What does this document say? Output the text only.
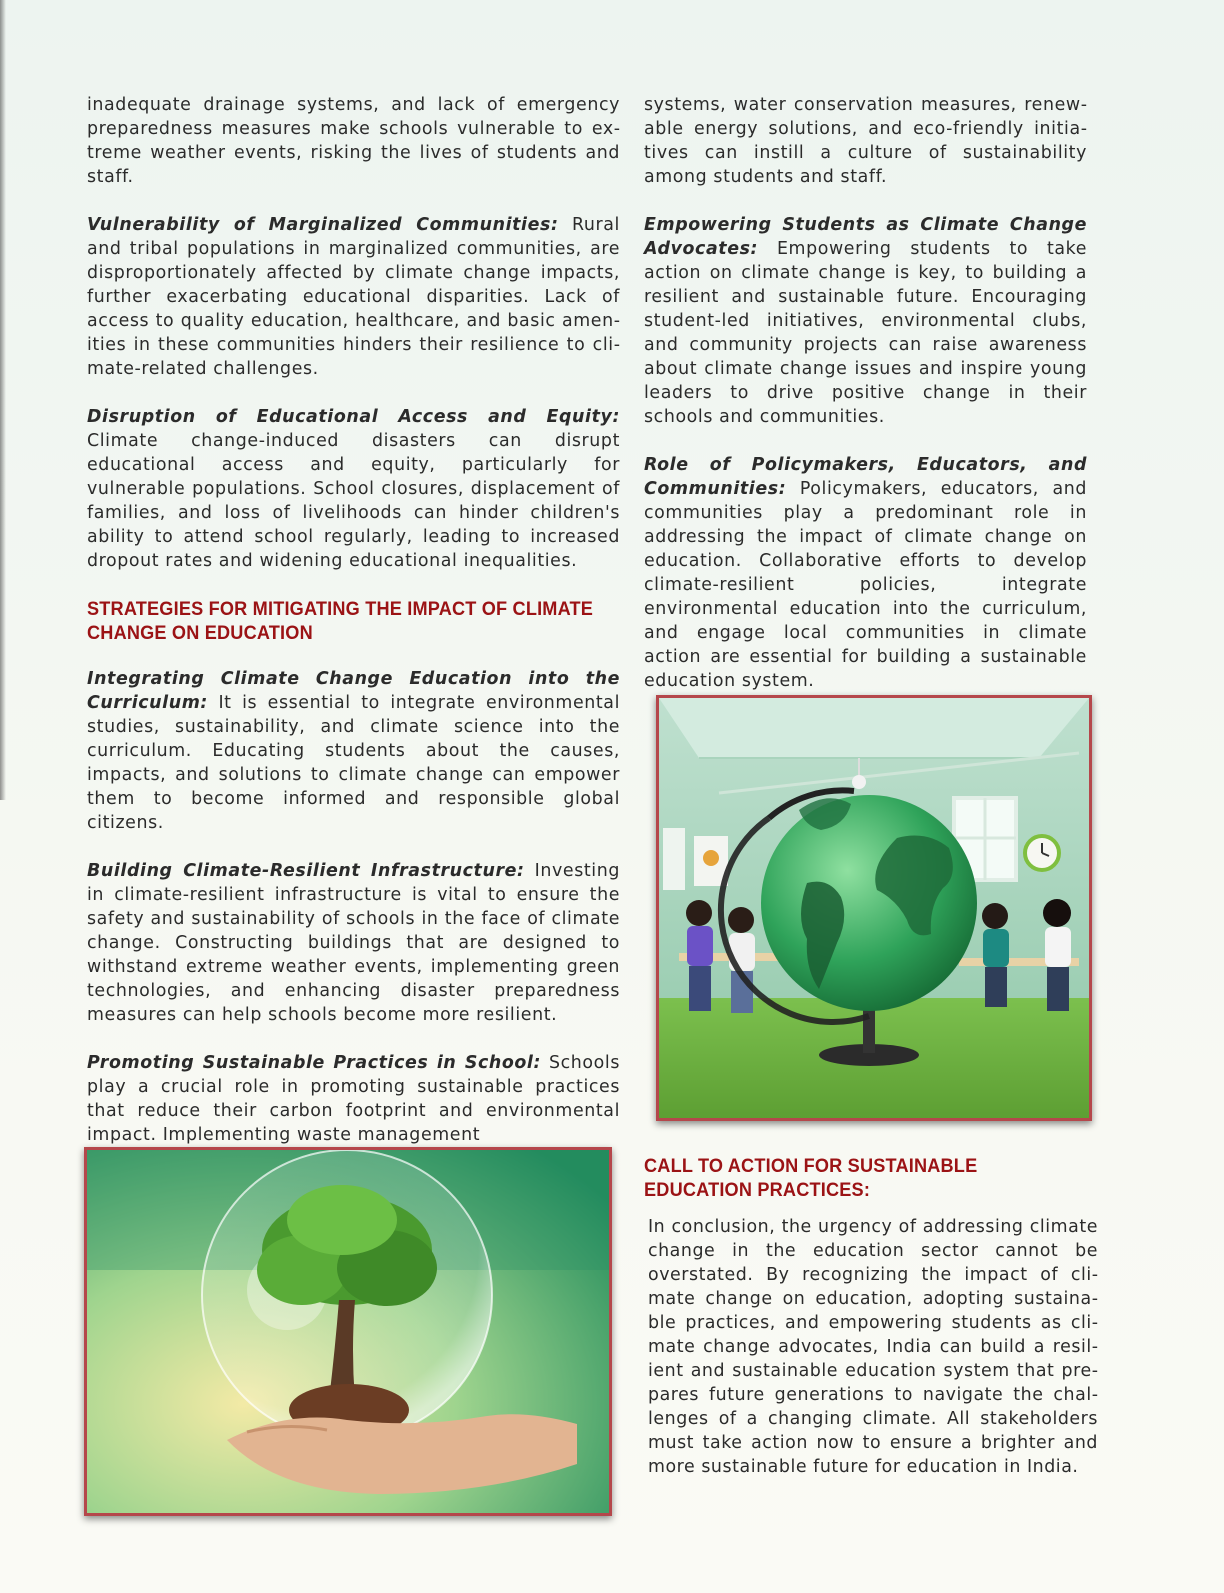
inadequate drainage systems, and lack of emergency preparedness measures make schools vulnerable to extreme weather events, risking the lives of students and staff.

Vulnerability of Marginalized Communities: Rural and tribal populations in marginalized communities, are disproportionately affected by climate change impacts, further exacerbating educational disparities. Lack of access to quality education, healthcare, and basic amenities in these communities hinders their resilience to climate-related challenges.

Disruption of Educational Access and Equity: Climate change-induced disasters can disrupt educational access and equity, particularly for vulnerable populations. School closures, displacement of families, and loss of livelihoods can hinder children's ability to attend school regularly, leading to increased dropout rates and widening educational inequalities.

STRATEGIES FOR MITIGATING THE IMPACT OF CLIMATE CHANGE ON EDUCATION

Integrating Climate Change Education into the Curriculum: It is essential to integrate environmental studies, sustainability, and climate science into the curriculum. Educating students about the causes, impacts, and solutions to climate change can empower them to become informed and responsible global citizens.

Building Climate-Resilient Infrastructure: Investing in climate-resilient infrastructure is vital to ensure the safety and sustainability of schools in the face of climate change. Constructing buildings that are designed to withstand extreme weather events, implementing green technologies, and enhancing disaster preparedness measures can help schools become more resilient.

Promoting Sustainable Practices in School: Schools play a crucial role in promoting sustainable practices that reduce their carbon footprint and environmental impact. Implementing waste management

systems, water conservation measures, renewable energy solutions, and eco-friendly initiatives can instill a culture of sustainability among students and staff.

Empowering Students as Climate Change Advocates: Empowering students to take action on climate change is key, to building a resilient and sustainable future. Encouraging student-led initiatives, environmental clubs, and community projects can raise awareness about climate change issues and inspire young leaders to drive positive change in their schools and communities.

Role of Policymakers, Educators, and Communities: Policymakers, educators, and communities play a predominant role in addressing the impact of climate change on education. Collaborative efforts to develop climate-resilient policies, integrate environmental education into the curriculum, and engage local communities in climate action are essential for building a sustainable education system.

CALL TO ACTION FOR SUSTAINABLE EDUCATION PRACTICES:

In conclusion, the urgency of addressing climate change in the education sector cannot be overstated. By recognizing the impact of climate change on education, adopting sustainable practices, and empowering students as climate change advocates, India can build a resilient and sustainable education system that prepares future generations to navigate the challenges of a changing climate. All stakeholders must take action now to ensure a brighter and more sustainable future for education in India.
